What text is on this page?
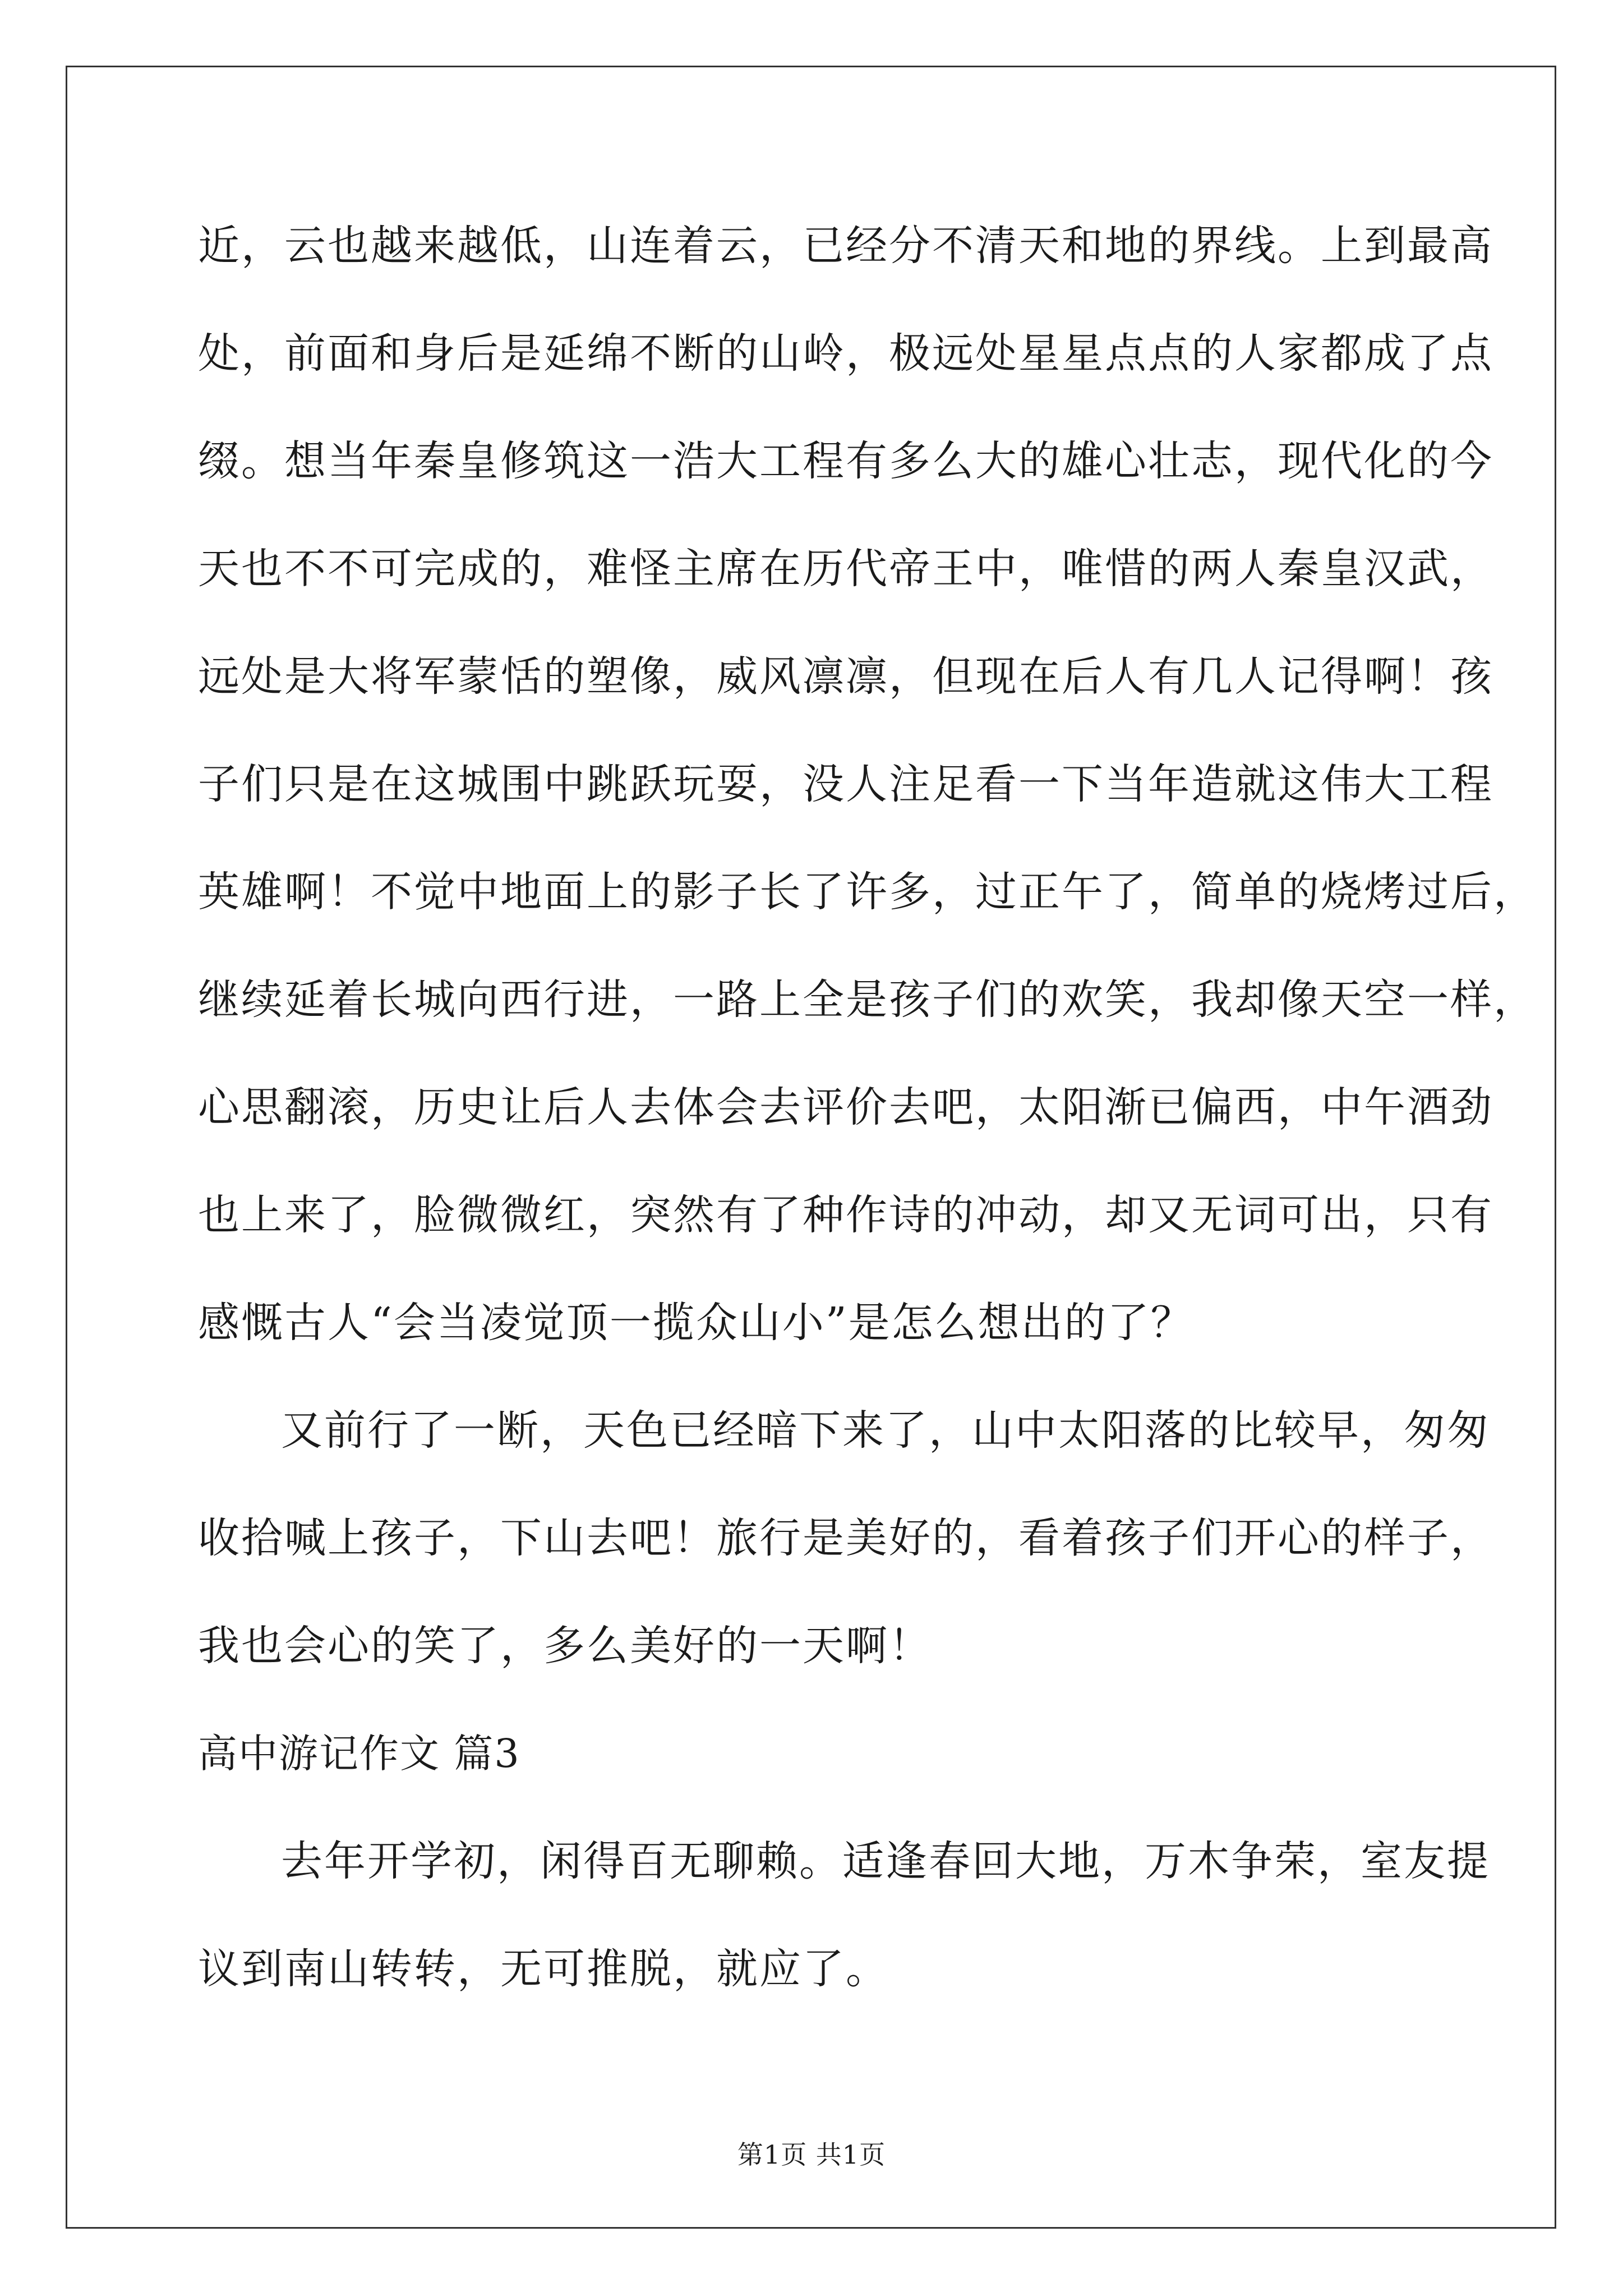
近，云也越来越低，山连着云，已经分不清天和地的界线。上到最高
处，前面和身后是延绵不断的山岭，极远处星星点点的人家都成了点
缀。想当年秦皇修筑这一浩大工程有多么大的雄心壮志，现代化的今
天也不不可完成的，难怪主席在历代帝王中，唯惜的两人秦皇汉武，
远处是大将军蒙恬的塑像，威风凛凛，但现在后人有几人记得啊！孩
子们只是在这城围中跳跃玩耍，没人注足看一下当年造就这伟大工程
英雄啊！不觉中地面上的影子长了许多，过正午了，简单的烧烤过后，
继续延着长城向西行进，一路上全是孩子们的欢笑，我却像天空一样，
心思翻滚，历史让后人去体会去评价去吧，太阳渐已偏西，中午酒劲
也上来了，脸微微红，突然有了种作诗的冲动，却又无词可出，只有
感慨古人“会当凌觉顶一揽众山小”是怎么想出的了？
又前行了一断，天色已经暗下来了，山中太阳落的比较早，匆匆
收拾喊上孩子，下山去吧！旅行是美好的，看着孩子们开心的样子，
我也会心的笑了，多么美好的一天啊！
高中游记作文 篇3
去年开学初，闲得百无聊赖。适逢春回大地，万木争荣，室友提
议到南山转转，无可推脱，就应了。
第1页 共1页
